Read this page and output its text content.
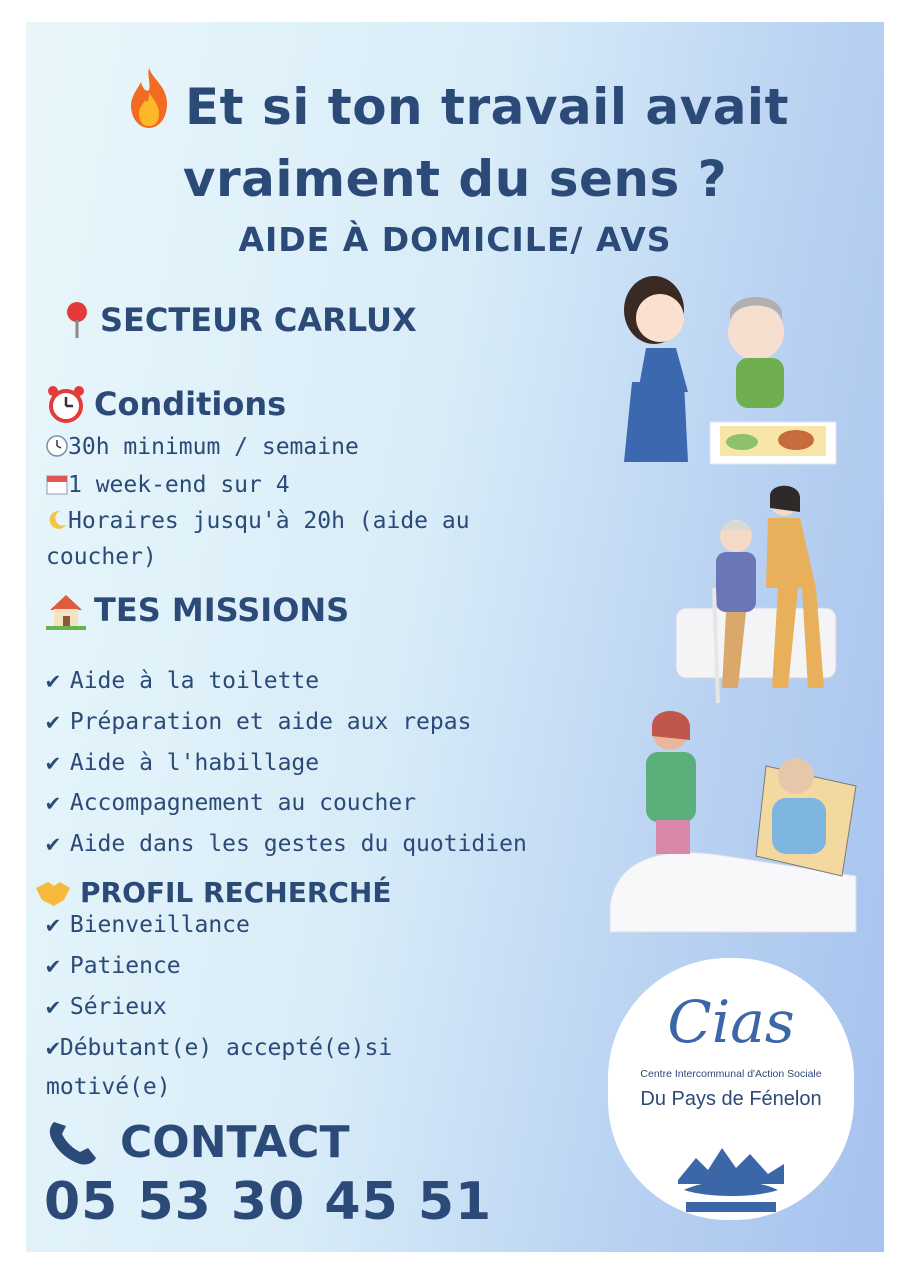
Et si ton travail avait
vraiment du sens ?
AIDE À DOMICILE/ AVS
SECTEUR CARLUX
Conditions
30h minimum / semaine
1 week-end sur 4
Horaires jusqu'à 20h (aide au
coucher)
TES MISSIONS
✔ Aide à la toilette
✔ Préparation et aide aux repas
✔ Aide à l'habillage
✔ Accompagnement au coucher
✔ Aide dans les gestes du quotidien
PROFIL RECHERCHÉ
✔ Bienveillance
✔ Patience
✔ Sérieux
✔Débutant(e) accepté(e)si
motivé(e)
CONTACT
05 53 30 45 51
Cias
Centre Intercommunal d'Action Sociale
Du Pays de Fénelon
